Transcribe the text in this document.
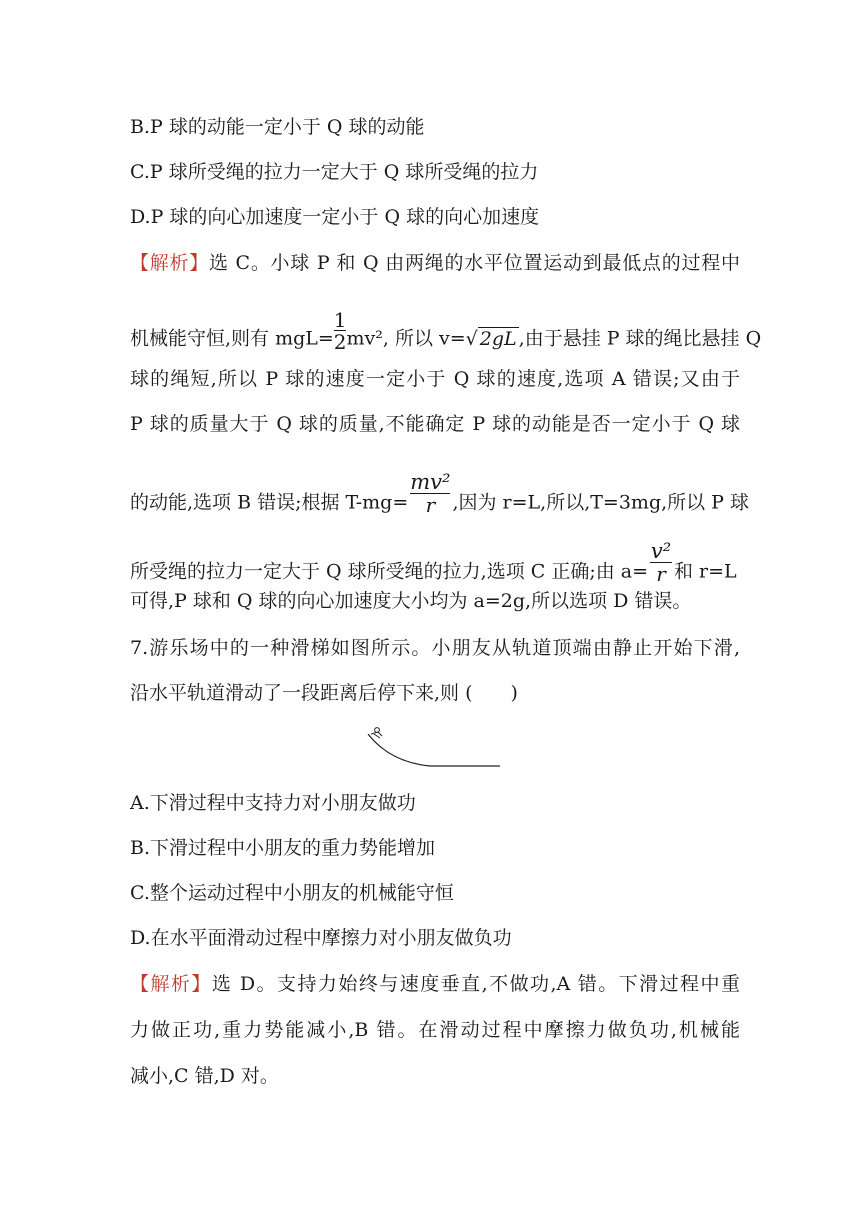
B.P 球的动能一定小于 Q 球的动能
C.P 球所受绳的拉力一定大于 Q 球所受绳的拉力
D.P 球的向心加速度一定小于 Q 球的向心加速度
【解析】选 C。小球 P 和 Q 由两绳的水平位置运动到最低点的过程中
机械能守恒,则有 $mgL= \frac{1}{2} mv^2$, 所以 v=√ 2gL ,由于悬挂 P 球的绳比悬挂 Q
球的绳短,所以 P 球的速度一定小于 Q 球的速度,选项 A 错误;又由于
P 球的质量大于 Q 球的质量,不能确定 P 球的动能是否一定小于 Q 球
的动能,选项 B 错误;根据 $T-mg= \frac{\text{mv²}}{r}$ ,因为 r=L,所以,T=3mg,所以 P 球
所受绳的拉力一定大于 Q 球所受绳的拉力,选项 C 正确;由 $a= \frac{\text{v²}}{r}$ 和 r=L
可得,P 球和 Q 球的向心加速度大小均为 a=2g,所以选项 D 错误。
7.游乐场中的一种滑梯如图所示。小朋友从轨道顶端由静止开始下滑,
沿水平轨道滑动了一段距离后停下来,则 (　　)
A.下滑过程中支持力对小朋友做功
B.下滑过程中小朋友的重力势能增加
C.整个运动过程中小朋友的机械能守恒
D.在水平面滑动过程中摩擦力对小朋友做负功
【解析】选 D。支持力始终与速度垂直,不做功,A 错。下滑过程中重
力做正功,重力势能减小,B 错。在滑动过程中摩擦力做负功,机械能
减小,C 错,D 对。
